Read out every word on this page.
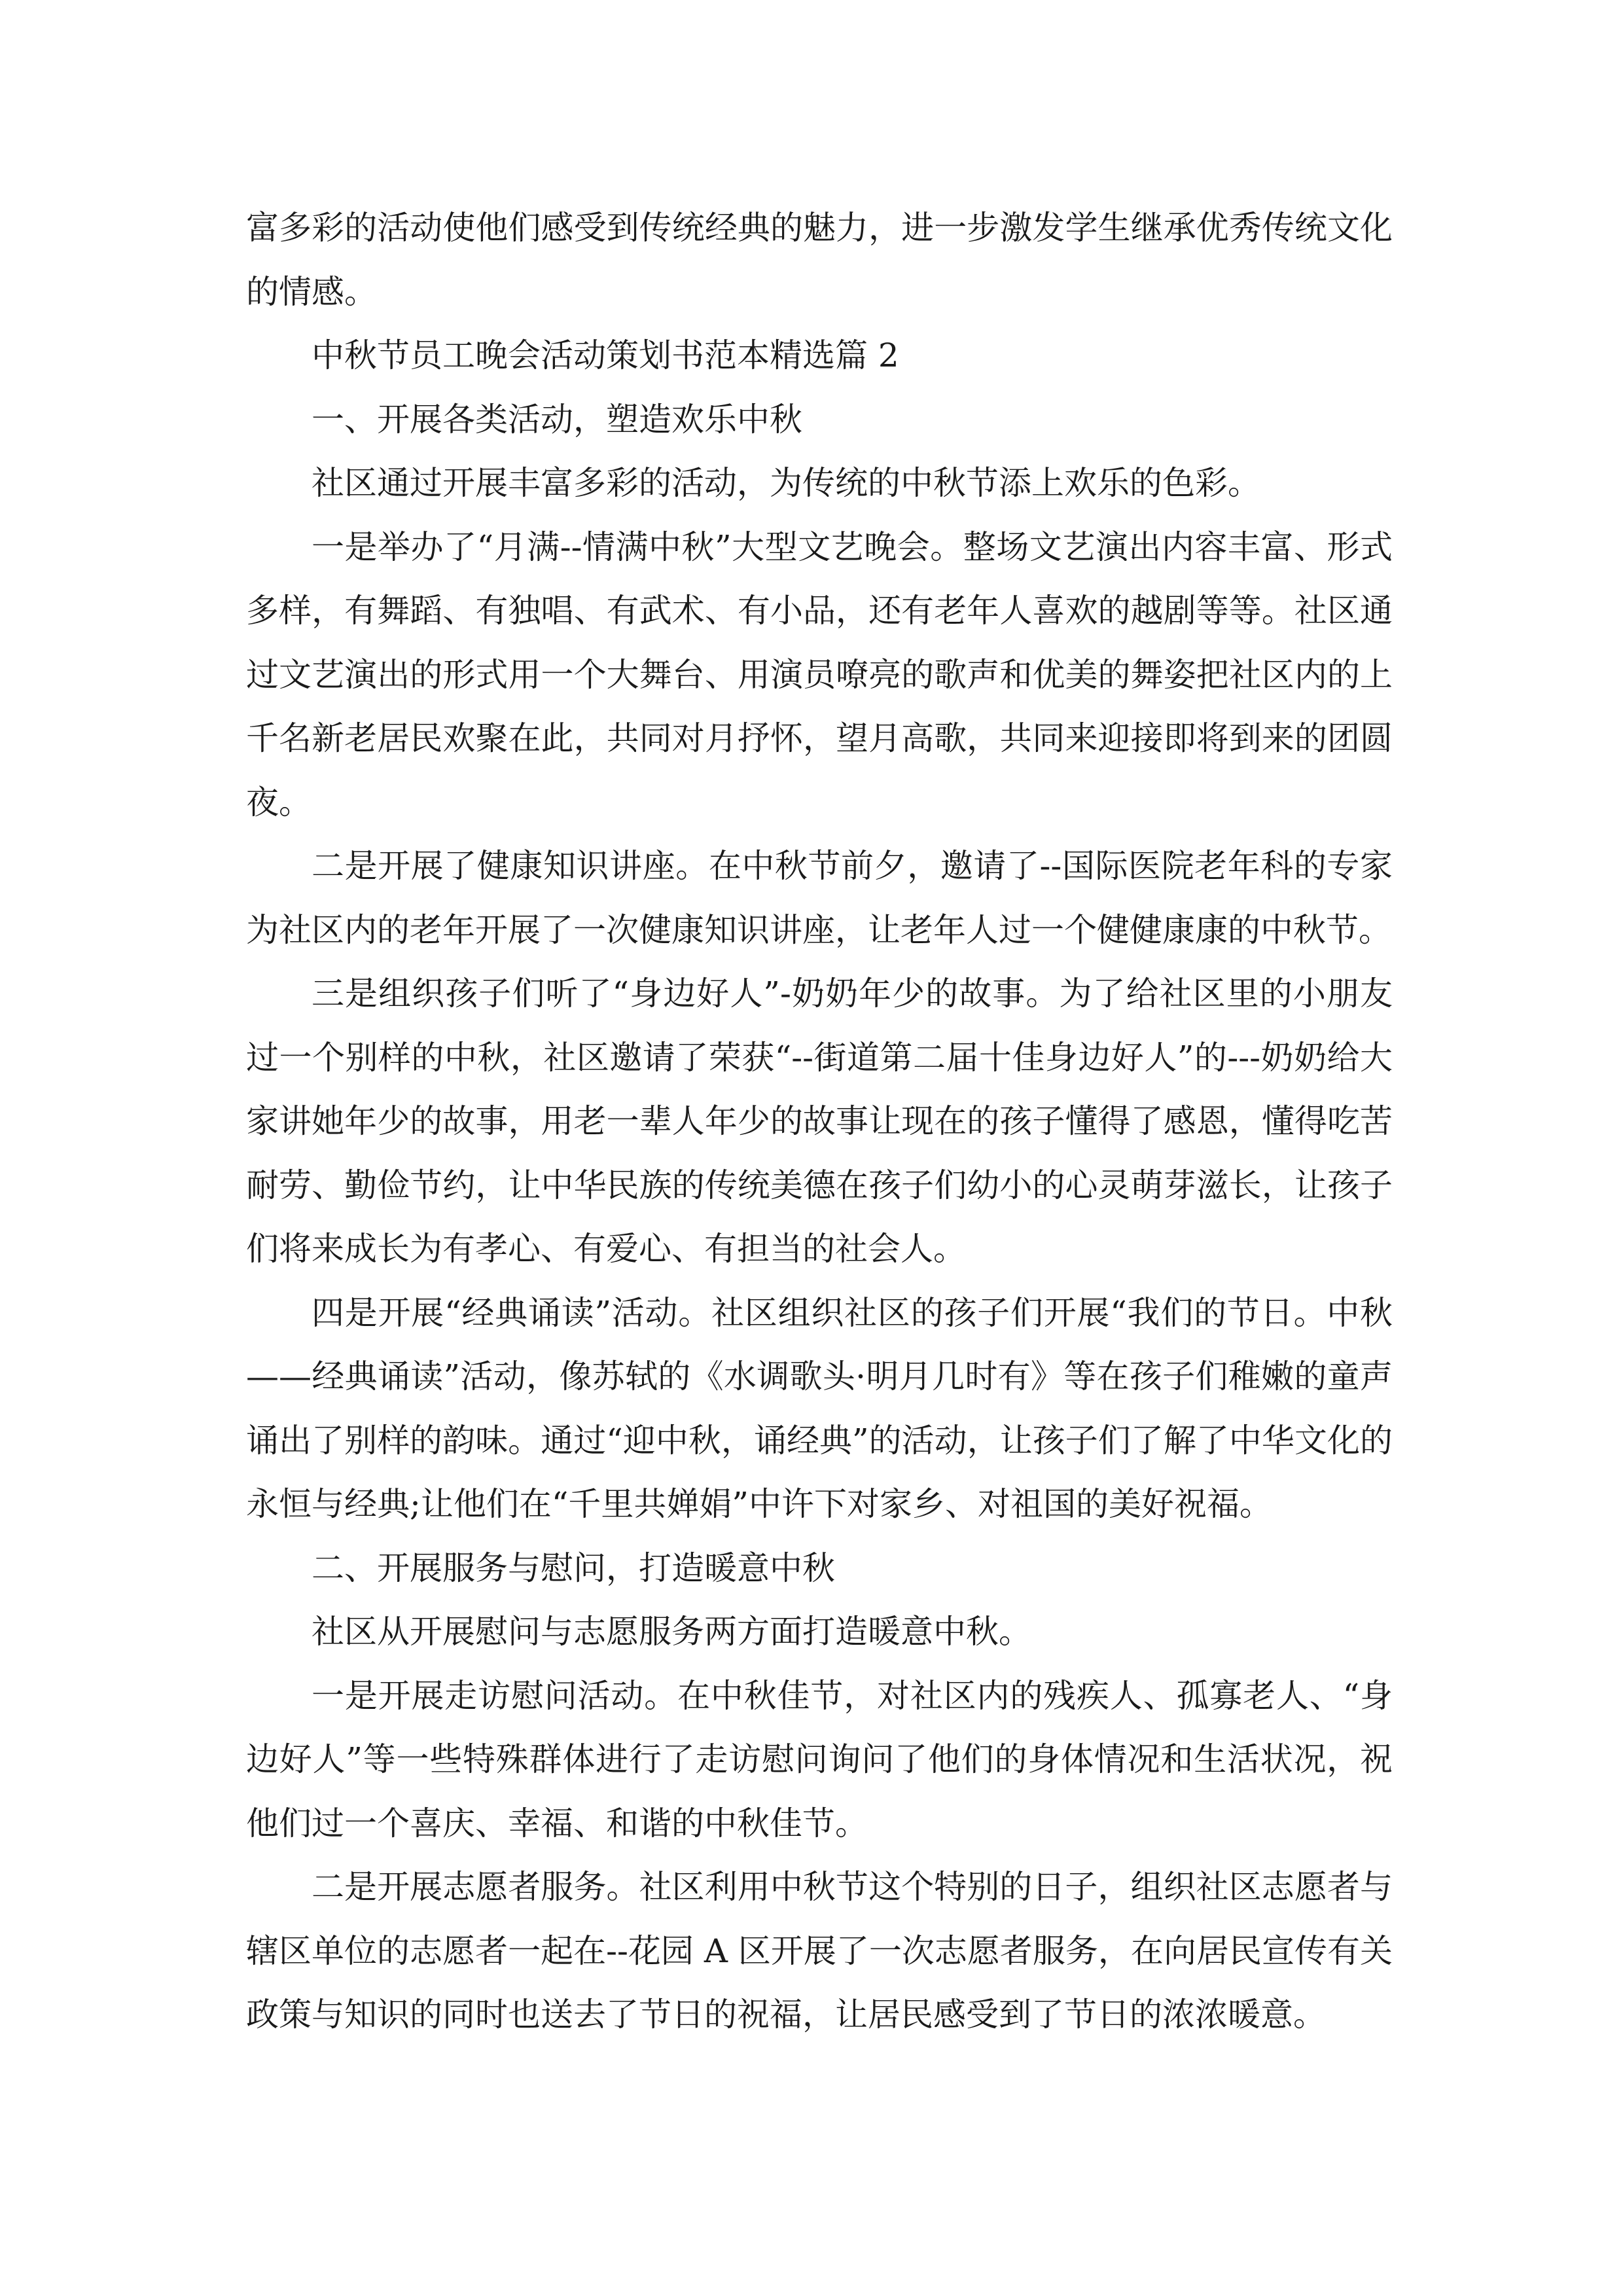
富多彩的活动使他们感受到传统经典的魅力，进一步激发学生继承优秀传统文化的情感。

中秋节员工晚会活动策划书范本精选篇 2

一、开展各类活动，塑造欢乐中秋

社区通过开展丰富多彩的活动，为传统的中秋节添上欢乐的色彩。

一是举办了“月满--情满中秋”大型文艺晚会。整场文艺演出内容丰富、形式多样，有舞蹈、有独唱、有武术、有小品，还有老年人喜欢的越剧等等。社区通过文艺演出的形式用一个大舞台、用演员嘹亮的歌声和优美的舞姿把社区内的上千名新老居民欢聚在此，共同对月抒怀，望月高歌，共同来迎接即将到来的团圆夜。

二是开展了健康知识讲座。在中秋节前夕，邀请了--国际医院老年科的专家为社区内的老年开展了一次健康知识讲座，让老年人过一个健健康康的中秋节。

三是组织孩子们听了“身边好人”-奶奶年少的故事。为了给社区里的小朋友过一个别样的中秋，社区邀请了荣获“--街道第二届十佳身边好人”的---奶奶给大家讲她年少的故事，用老一辈人年少的故事让现在的孩子懂得了感恩，懂得吃苦耐劳、勤俭节约，让中华民族的传统美德在孩子们幼小的心灵萌芽滋长，让孩子们将来成长为有孝心、有爱心、有担当的社会人。

四是开展“经典诵读”活动。社区组织社区的孩子们开展“我们的节日。中秋——经典诵读”活动，像苏轼的《水调歌头·明月几时有》等在孩子们稚嫩的童声诵出了别样的韵味。通过“迎中秋，诵经典”的活动，让孩子们了解了中华文化的永恒与经典;让他们在“千里共婵娟”中许下对家乡、对祖国的美好祝福。

二、开展服务与慰问，打造暖意中秋

社区从开展慰问与志愿服务两方面打造暖意中秋。

一是开展走访慰问活动。在中秋佳节，对社区内的残疾人、孤寡老人、“身边好人”等一些特殊群体进行了走访慰问询问了他们的身体情况和生活状况，祝他们过一个喜庆、幸福、和谐的中秋佳节。

二是开展志愿者服务。社区利用中秋节这个特别的日子，组织社区志愿者与辖区单位的志愿者一起在--花园 A 区开展了一次志愿者服务，在向居民宣传有关政策与知识的同时也送去了节日的祝福，让居民感受到了节日的浓浓暖意。
